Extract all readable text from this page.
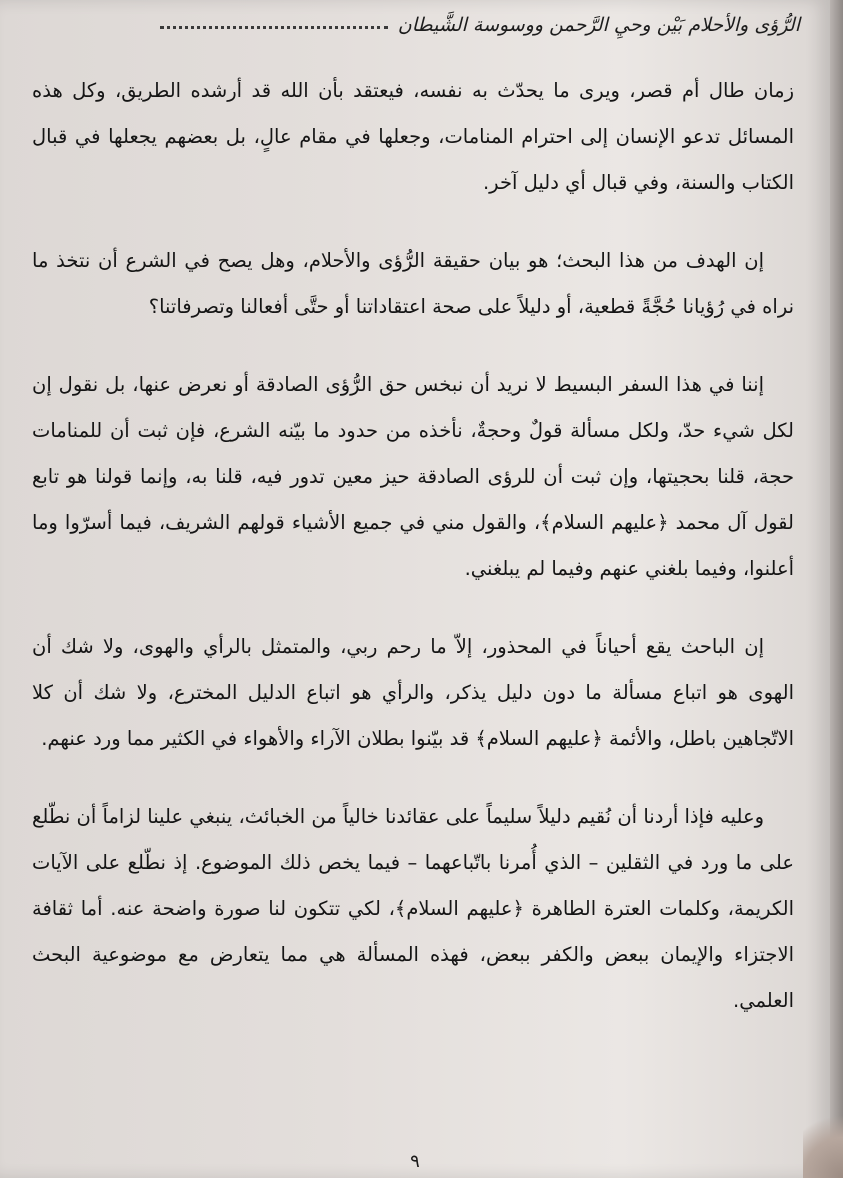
الرُّؤى والأحلام بَيْن وحيِ الرَّحمن ووسوسة الشَّيطان

زمان طال أم قصر، ويرى ما يحدّث به نفسه، فيعتقد بأن الله قد أرشده الطريق، وكل هذه المسائل تدعو الإنسان إلى احترام المنامات، وجعلها في مقام عالٍ، بل بعضهم يجعلها في قبال الكتاب والسنة، وفي قبال أي دليل آخر.

إن الهدف من هذا البحث؛ هو بيان حقيقة الرُّؤى والأحلام، وهل يصح في الشرع أن نتخذ ما نراه في رُؤيانا حُجَّةً قطعية، أو دليلاً على صحة اعتقاداتنا أو حتَّى أفعالنا وتصرفاتنا؟

إننا في هذا السفر البسيط لا نريد أن نبخس حق الرُّؤى الصادقة أو نعرض عنها، بل نقول إن لكل شيء حدّ، ولكل مسألة قولٌ وحجةٌ، نأخذه من حدود ما بيّنه الشرع، فإن ثبت أن للمنامات حجة، قلنا بحجيتها، وإن ثبت أن للرؤى الصادقة حيز معين تدور فيه، قلنا به، وإنما قولنا هو تابع لقول آل محمد ﴿عليهم السلام﴾، والقول مني في جميع الأشياء قولهم الشريف، فيما أسرّوا وما أعلنوا، وفيما بلغني عنهم وفيما لم يبلغني.

إن الباحث يقع أحياناً في المحذور، إلاّ ما رحم ربي، والمتمثل بالرأي والهوى، ولا شك أن الهوى هو اتباع مسألة ما دون دليل يذكر، والرأي هو اتباع الدليل المخترع، ولا شك أن كلا الاتّجاهين باطل، والأئمة ﴿عليهم السلام﴾ قد بيّنوا بطلان الآراء والأهواء في الكثير مما ورد عنهم.

وعليه فإذا أردنا أن نُقيم دليلاً سليماً على عقائدنا خالياً من الخبائث، ينبغي علينا لزاماً أن نطّلع على ما ورد في الثقلين – الذي أُمرنا باتّباعهما – فيما يخص ذلك الموضوع. إذ نطّلع على الآيات الكريمة، وكلمات العترة الطاهرة ﴿عليهم السلام﴾، لكي تتكون لنا صورة واضحة عنه. أما ثقافة الاجتزاء والإيمان ببعض والكفر ببعض، فهذه المسألة هي مما يتعارض مع موضوعية البحث العلمي.

٩
